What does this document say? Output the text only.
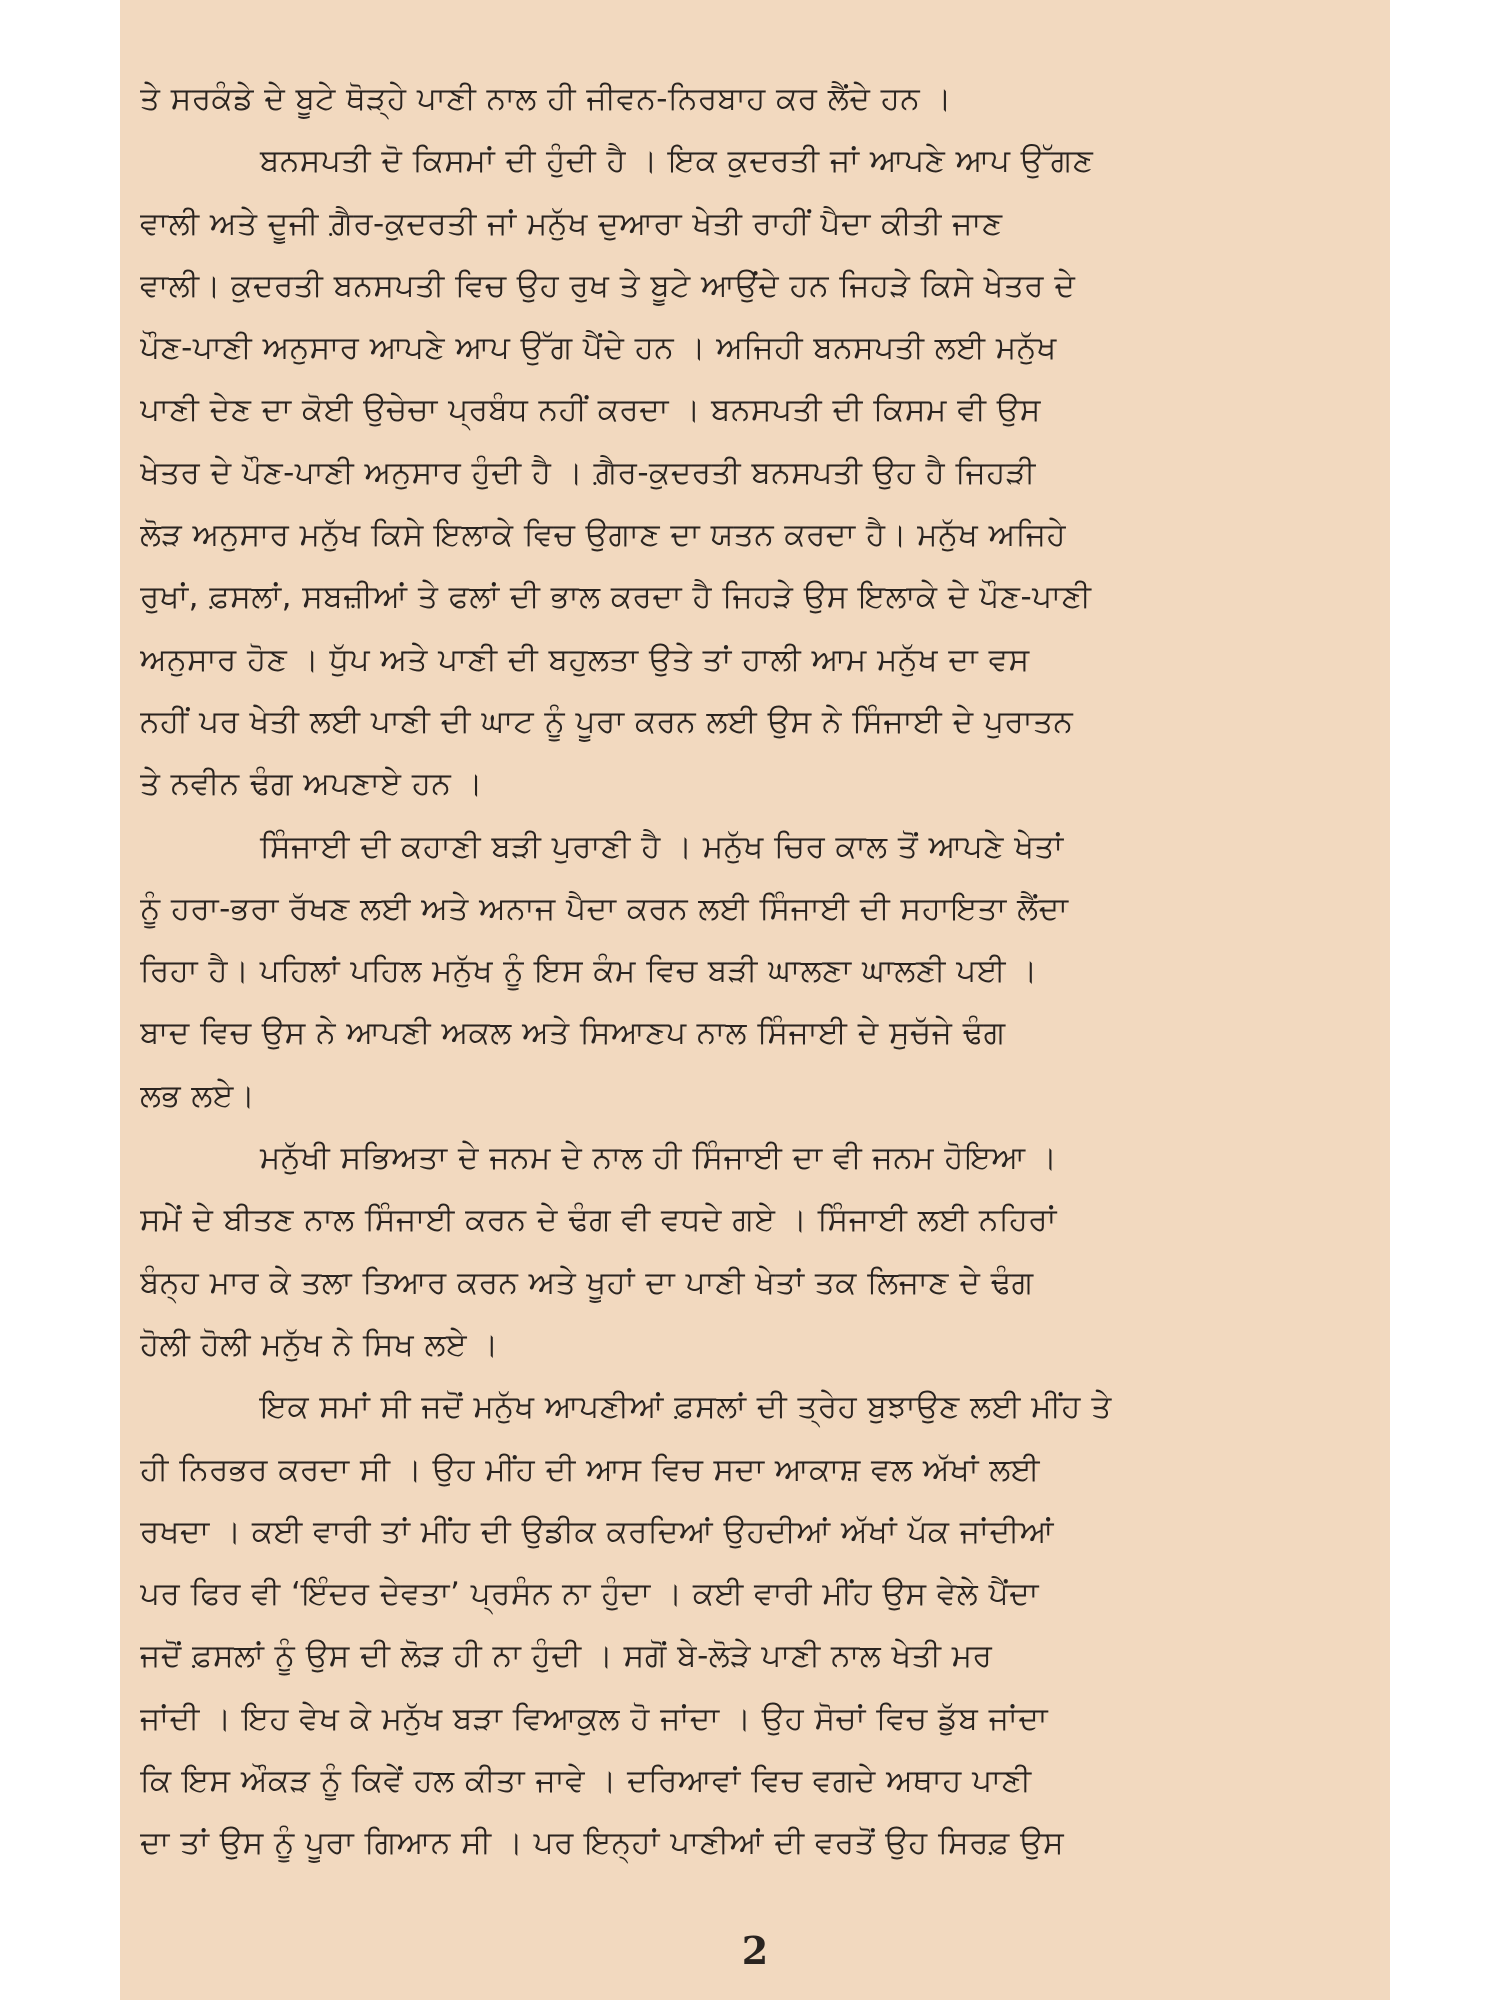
ਤੇ ਸਰਕੰਡੇ ਦੇ ਬੂਟੇ ਥੋੜ੍ਹੇ ਪਾਣੀ ਨਾਲ ਹੀ ਜੀਵਨ-ਨਿਰਬਾਹ ਕਰ ਲੈਂਦੇ ਹਨ ।
ਬਨਸਪਤੀ ਦੋ ਕਿਸਮਾਂ ਦੀ ਹੁੰਦੀ ਹੈ । ਇਕ ਕੁਦਰਤੀ ਜਾਂ ਆਪਣੇ ਆਪ ਉੱਗਣ
ਵਾਲੀ ਅਤੇ ਦੂਜੀ ਗ਼ੈਰ-ਕੁਦਰਤੀ ਜਾਂ ਮਨੁੱਖ ਦੁਆਰਾ ਖੇਤੀ ਰਾਹੀਂ ਪੈਦਾ ਕੀਤੀ ਜਾਣ
ਵਾਲੀ। ਕੁਦਰਤੀ ਬਨਸਪਤੀ ਵਿਚ ਉਹ ਰੁਖ ਤੇ ਬੂਟੇ ਆਉਂਦੇ ਹਨ ਜਿਹੜੇ ਕਿਸੇ ਖੇਤਰ ਦੇ
ਪੌਣ-ਪਾਣੀ ਅਨੁਸਾਰ ਆਪਣੇ ਆਪ ਉੱਗ ਪੈਂਦੇ ਹਨ । ਅਜਿਹੀ ਬਨਸਪਤੀ ਲਈ ਮਨੁੱਖ
ਪਾਣੀ ਦੇਣ ਦਾ ਕੋਈ ਉਚੇਚਾ ਪ੍ਰਬੰਧ ਨਹੀਂ ਕਰਦਾ । ਬਨਸਪਤੀ ਦੀ ਕਿਸਮ ਵੀ ਉਸ
ਖੇਤਰ ਦੇ ਪੌਣ-ਪਾਣੀ ਅਨੁਸਾਰ ਹੁੰਦੀ ਹੈ । ਗ਼ੈਰ-ਕੁਦਰਤੀ ਬਨਸਪਤੀ ਉਹ ਹੈ ਜਿਹੜੀ
ਲੋੜ ਅਨੁਸਾਰ ਮਨੁੱਖ ਕਿਸੇ ਇਲਾਕੇ ਵਿਚ ਉਗਾਣ ਦਾ ਯਤਨ ਕਰਦਾ ਹੈ। ਮਨੁੱਖ ਅਜਿਹੇ
ਰੁਖਾਂ, ਫ਼ਸਲਾਂ, ਸਬਜ਼ੀਆਂ ਤੇ ਫਲਾਂ ਦੀ ਭਾਲ ਕਰਦਾ ਹੈ ਜਿਹੜੇ ਉਸ ਇਲਾਕੇ ਦੇ ਪੌਣ-ਪਾਣੀ
ਅਨੁਸਾਰ ਹੋਣ । ਧੁੱਪ ਅਤੇ ਪਾਣੀ ਦੀ ਬਹੁਲਤਾ ਉਤੇ ਤਾਂ ਹਾਲੀ ਆਮ ਮਨੁੱਖ ਦਾ ਵਸ
ਨਹੀਂ ਪਰ ਖੇਤੀ ਲਈ ਪਾਣੀ ਦੀ ਘਾਟ ਨੂੰ ਪੂਰਾ ਕਰਨ ਲਈ ਉਸ ਨੇ ਸਿੰਜਾਈ ਦੇ ਪੁਰਾਤਨ
ਤੇ ਨਵੀਨ ਢੰਗ ਅਪਣਾਏ ਹਨ ।
ਸਿੰਜਾਈ ਦੀ ਕਹਾਣੀ ਬੜੀ ਪੁਰਾਣੀ ਹੈ । ਮਨੁੱਖ ਚਿਰ ਕਾਲ ਤੋਂ ਆਪਣੇ ਖੇਤਾਂ
ਨੂੰ ਹਰਾ-ਭਰਾ ਰੱਖਣ ਲਈ ਅਤੇ ਅਨਾਜ ਪੈਦਾ ਕਰਨ ਲਈ ਸਿੰਜਾਈ ਦੀ ਸਹਾਇਤਾ ਲੈਂਦਾ
ਰਿਹਾ ਹੈ। ਪਹਿਲਾਂ ਪਹਿਲ ਮਨੁੱਖ ਨੂੰ ਇਸ ਕੰਮ ਵਿਚ ਬੜੀ ਘਾਲਣਾ ਘਾਲਣੀ ਪਈ ।
ਬਾਦ ਵਿਚ ਉਸ ਨੇ ਆਪਣੀ ਅਕਲ ਅਤੇ ਸਿਆਣਪ ਨਾਲ ਸਿੰਜਾਈ ਦੇ ਸੁਚੱਜੇ ਢੰਗ
ਲਭ ਲਏ।
ਮਨੁੱਖੀ ਸਭਿਅਤਾ ਦੇ ਜਨਮ ਦੇ ਨਾਲ ਹੀ ਸਿੰਜਾਈ ਦਾ ਵੀ ਜਨਮ ਹੋਇਆ ।
ਸਮੇਂ ਦੇ ਬੀਤਣ ਨਾਲ ਸਿੰਜਾਈ ਕਰਨ ਦੇ ਢੰਗ ਵੀ ਵਧਦੇ ਗਏ । ਸਿੰਜਾਈ ਲਈ ਨਹਿਰਾਂ
ਬੰਨ੍ਹ ਮਾਰ ਕੇ ਤਲਾ ਤਿਆਰ ਕਰਨ ਅਤੇ ਖੂਹਾਂ ਦਾ ਪਾਣੀ ਖੇਤਾਂ ਤਕ ਲਿਜਾਣ ਦੇ ਢੰਗ
ਹੋਲੀ ਹੋਲੀ ਮਨੁੱਖ ਨੇ ਸਿਖ ਲਏ ।
ਇਕ ਸਮਾਂ ਸੀ ਜਦੋਂ ਮਨੁੱਖ ਆਪਣੀਆਂ ਫ਼ਸਲਾਂ ਦੀ ਤ੍ਰੇਹ ਬੁਝਾਉਣ ਲਈ ਮੀਂਹ ਤੇ
ਹੀ ਨਿਰਭਰ ਕਰਦਾ ਸੀ । ਉਹ ਮੀਂਹ ਦੀ ਆਸ ਵਿਚ ਸਦਾ ਆਕਾਸ਼ ਵਲ ਅੱਖਾਂ ਲਈ
ਰਖਦਾ । ਕਈ ਵਾਰੀ ਤਾਂ ਮੀਂਹ ਦੀ ਉਡੀਕ ਕਰਦਿਆਂ ਉਹਦੀਆਂ ਅੱਖਾਂ ਪੱਕ ਜਾਂਦੀਆਂ
ਪਰ ਫਿਰ ਵੀ ‘ਇੰਦਰ ਦੇਵਤਾ’ ਪ੍ਰਸੰਨ ਨਾ ਹੁੰਦਾ । ਕਈ ਵਾਰੀ ਮੀਂਹ ਉਸ ਵੇਲੇ ਪੈਂਦਾ
ਜਦੋਂ ਫ਼ਸਲਾਂ ਨੂੰ ਉਸ ਦੀ ਲੋੜ ਹੀ ਨਾ ਹੁੰਦੀ । ਸਗੋਂ ਬੇ-ਲੋੜੇ ਪਾਣੀ ਨਾਲ ਖੇਤੀ ਮਰ
ਜਾਂਦੀ । ਇਹ ਵੇਖ ਕੇ ਮਨੁੱਖ ਬੜਾ ਵਿਆਕੁਲ ਹੋ ਜਾਂਦਾ । ਉਹ ਸੋਚਾਂ ਵਿਚ ਡੁੱਬ ਜਾਂਦਾ
ਕਿ ਇਸ ਔਕੜ ਨੂੰ ਕਿਵੇਂ ਹਲ ਕੀਤਾ ਜਾਵੇ । ਦਰਿਆਵਾਂ ਵਿਚ ਵਗਦੇ ਅਥਾਹ ਪਾਣੀ
ਦਾ ਤਾਂ ਉਸ ਨੂੰ ਪੂਰਾ ਗਿਆਨ ਸੀ । ਪਰ ਇਨ੍ਹਾਂ ਪਾਣੀਆਂ ਦੀ ਵਰਤੋਂ ਉਹ ਸਿਰਫ਼ ਉਸ
2
